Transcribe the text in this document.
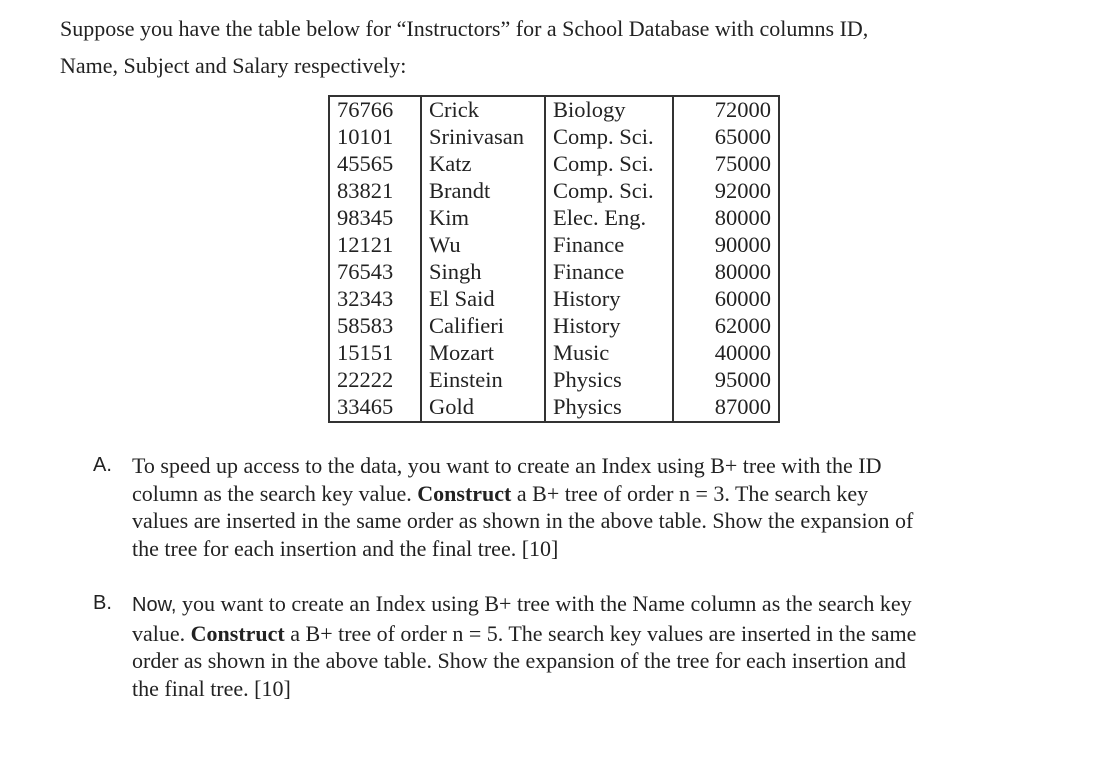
Suppose you have the table below for “Instructors” for a School Database with columns ID,
Name, Subject and Salary respectively:
76766	Crick	Biology	72000
10101	Srinivasan	Comp. Sci.	65000
45565	Katz	Comp. Sci.	75000
83821	Brandt	Comp. Sci.	92000
98345	Kim	Elec. Eng.	80000
12121	Wu	Finance	90000
76543	Singh	Finance	80000
32343	El Said	History	60000
58583	Califieri	History	62000
15151	Mozart	Music	40000
22222	Einstein	Physics	95000
33465	Gold	Physics	87000
A. To speed up access to the data, you want to create an Index using B+ tree with the ID
column as the search key value. Construct a B+ tree of order n = 3. The search key
values are inserted in the same order as shown in the above table. Show the expansion of
the tree for each insertion and the final tree. [10]
B. Now, you want to create an Index using B+ tree with the Name column as the search key
value. Construct a B+ tree of order n = 5. The search key values are inserted in the same
order as shown in the above table. Show the expansion of the tree for each insertion and
the final tree. [10]
